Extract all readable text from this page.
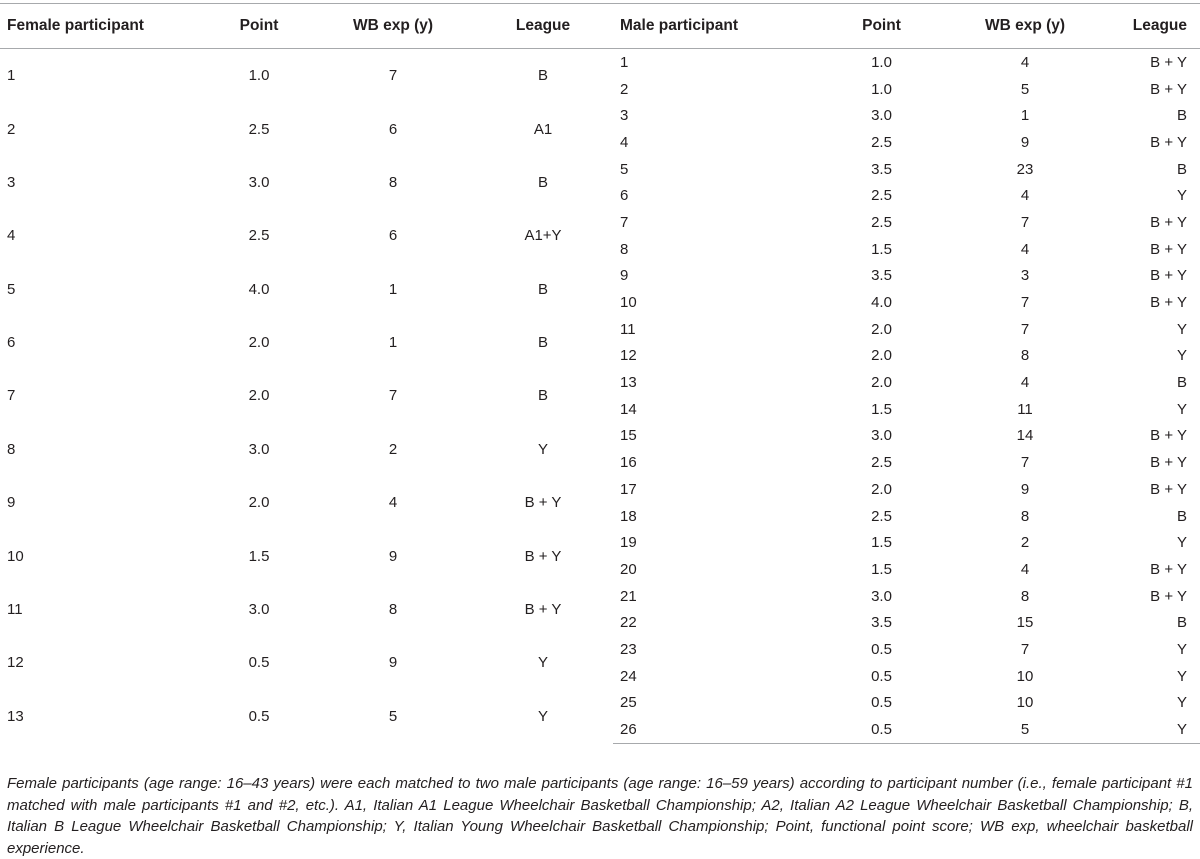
Female participant	Point	WB exp (y)	League	Male participant	Point	WB exp (y)	League
1	1.0	7	B	1	1.0	4	B + Y
				2	1.0	5	B + Y
2	2.5	6	A1	3	3.0	1	B
				4	2.5	9	B + Y
3	3.0	8	B	5	3.5	23	B
				6	2.5	4	Y
4	2.5	6	A1+Y	7	2.5	7	B + Y
				8	1.5	4	B + Y
5	4.0	1	B	9	3.5	3	B + Y
				10	4.0	7	B + Y
6	2.0	1	B	11	2.0	7	Y
				12	2.0	8	Y
7	2.0	7	B	13	2.0	4	B
				14	1.5	11	Y
8	3.0	2	Y	15	3.0	14	B + Y
				16	2.5	7	B + Y
9	2.0	4	B + Y	17	2.0	9	B + Y
				18	2.5	8	B
10	1.5	9	B + Y	19	1.5	2	Y
				20	1.5	4	B + Y
11	3.0	8	B + Y	21	3.0	8	B + Y
				22	3.5	15	B
12	0.5	9	Y	23	0.5	7	Y
				24	0.5	10	Y
13	0.5	5	Y	25	0.5	10	Y
				26	0.5	5	Y

Female participants (age range: 16–43 years) were each matched to two male participants (age range: 16–59 years) according to participant number (i.e., female participant #1 matched with male participants #1 and #2, etc.). A1, Italian A1 League Wheelchair Basketball Championship; A2, Italian A2 League Wheelchair Basketball Championship; B, Italian B League Wheelchair Basketball Championship; Y, Italian Young Wheelchair Basketball Championship; Point, functional point score; WB exp, wheelchair basketball experience.
